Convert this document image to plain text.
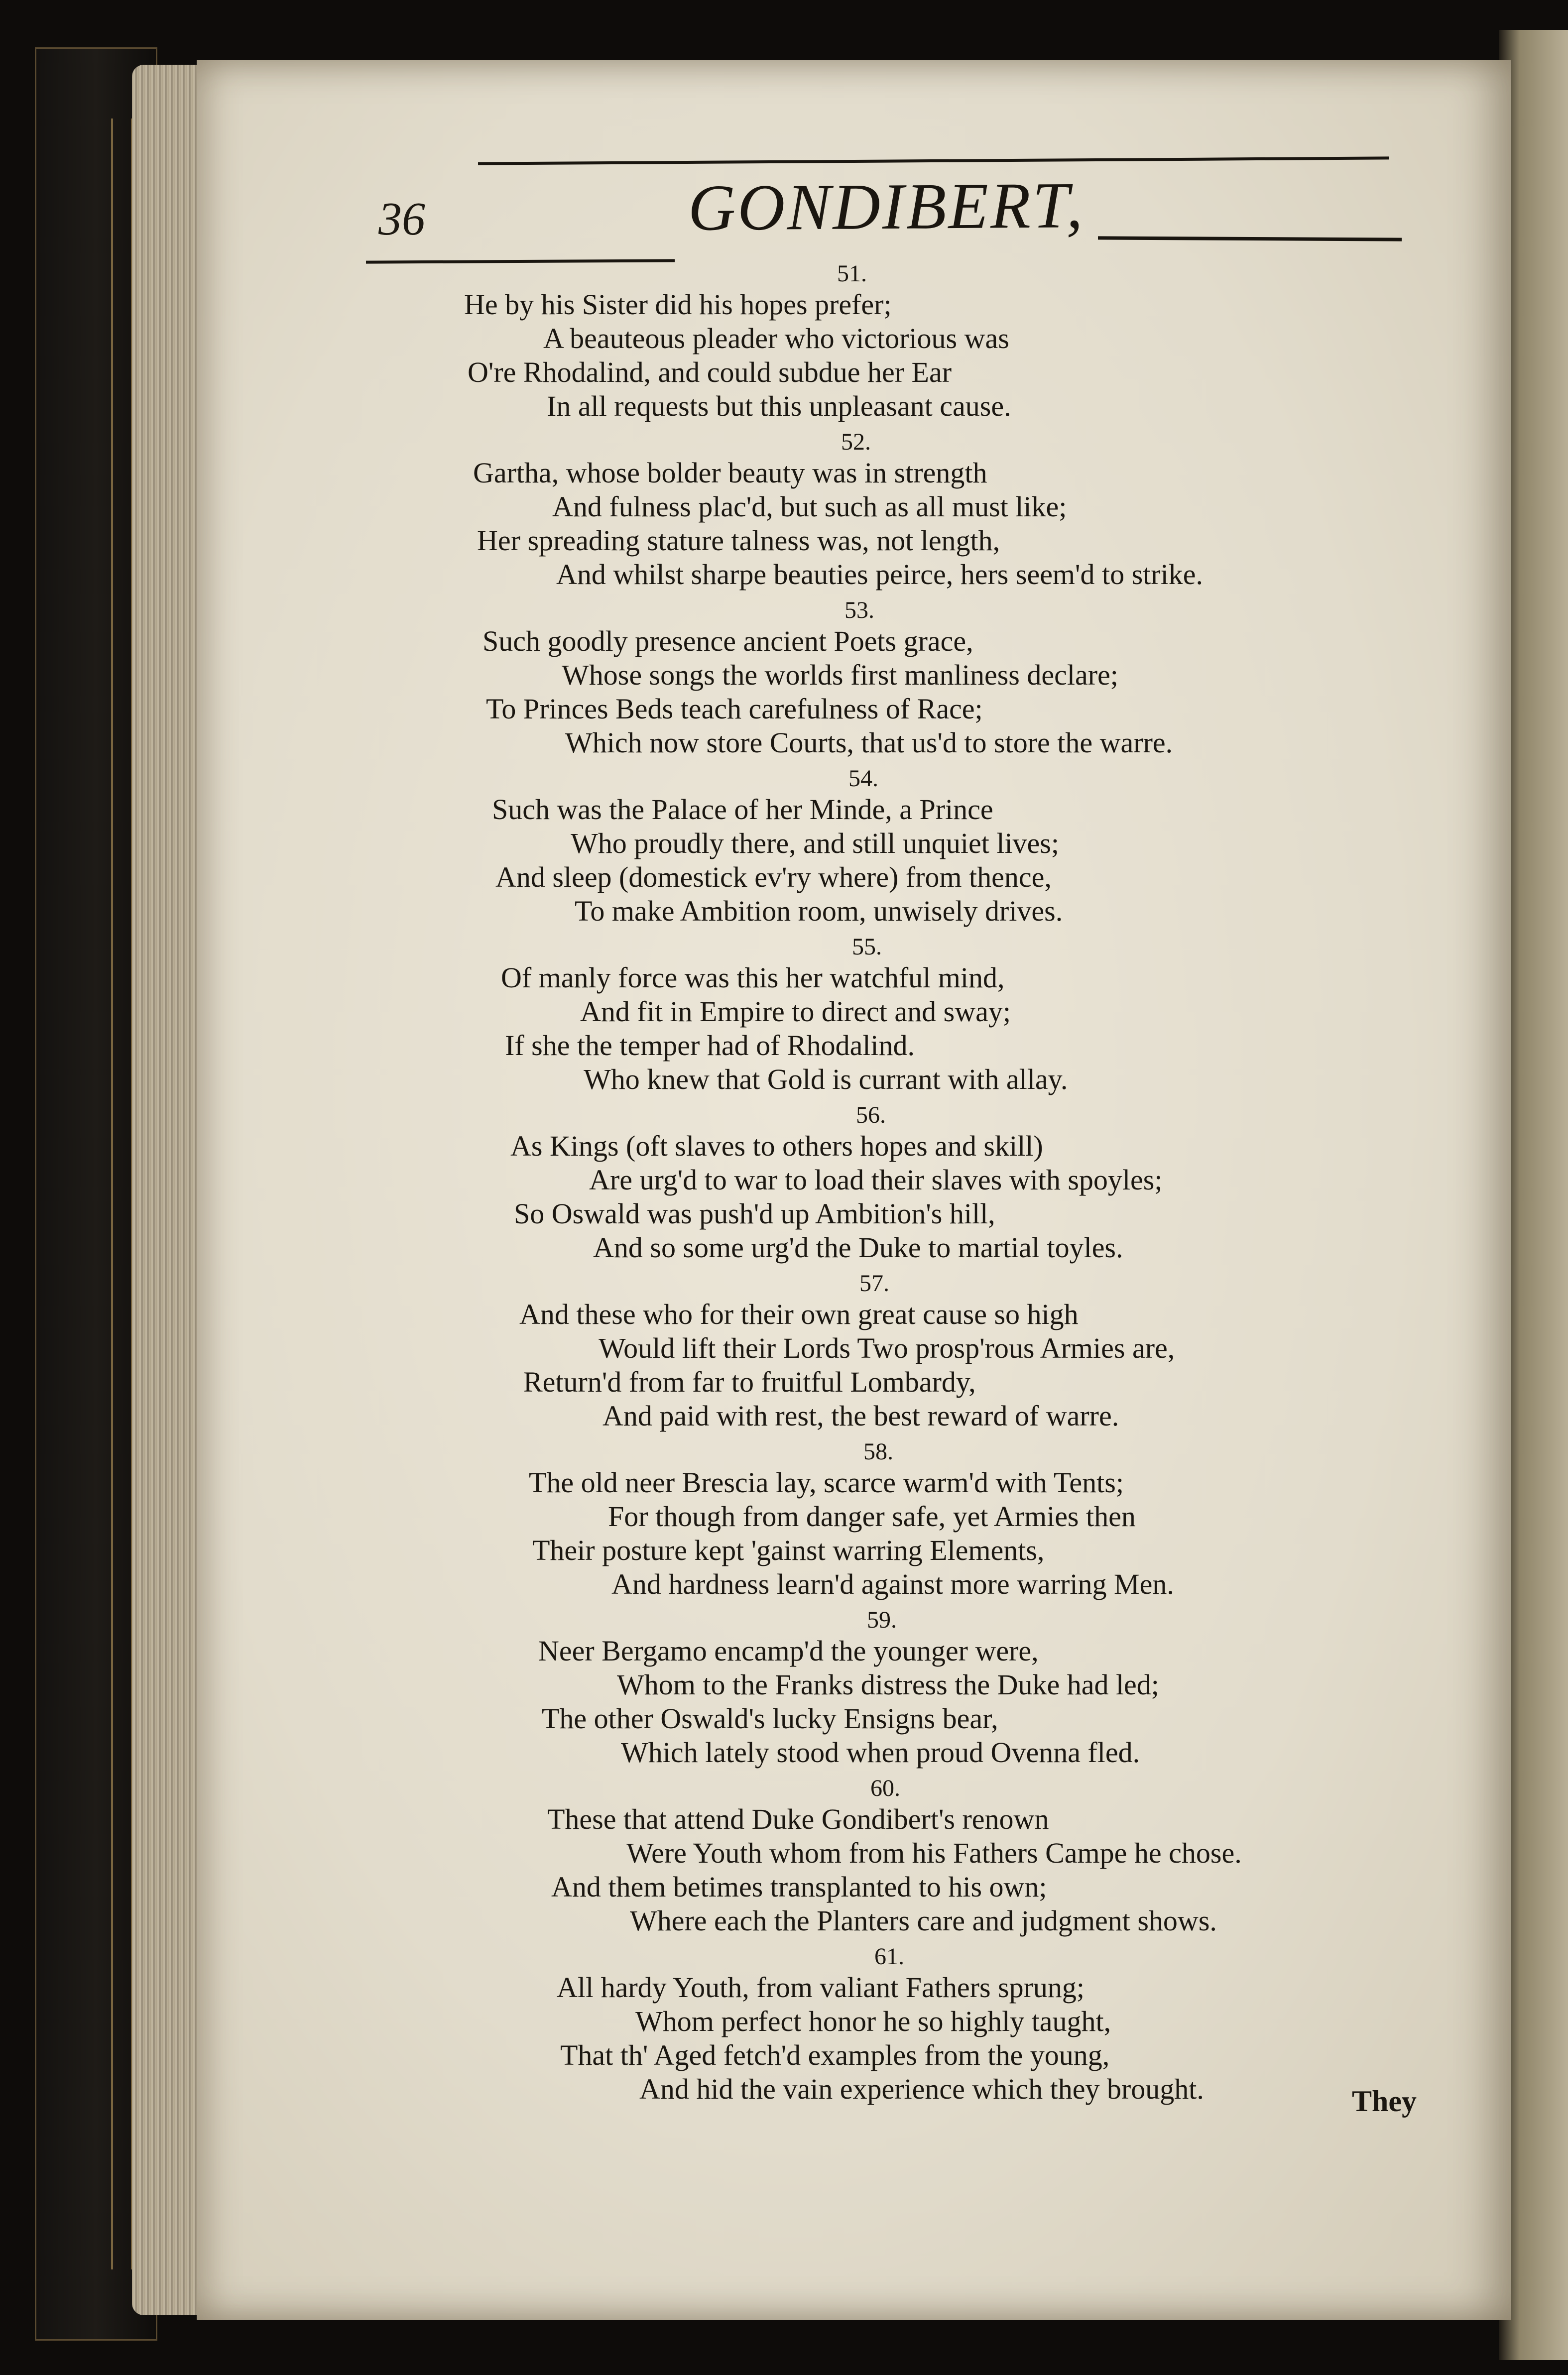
36	GONDIBERT,
51.
He by his Sister did his hopes prefer;
A beauteous pleader who victorious was
O're Rhodalind, and could subdue her Ear
In all requests but this unpleasant cause.
52.
Gartha, whose bolder beauty was in strength
And fulness plac'd, but such as all must like;
Her spreading stature talness was, not length,
And whilst sharpe beauties peirce, hers seem'd to strike.
53.
Such goodly presence ancient Poets grace,
Whose songs the worlds first manliness declare;
To Princes Beds teach carefulness of Race;
Which now store Courts, that us'd to store the warre.
54.
Such was the Palace of her Minde, a Prince
Who proudly there, and still unquiet lives;
And sleep (domestick ev'ry where) from thence,
To make Ambition room, unwisely drives.
55.
Of manly force was this her watchful mind,
And fit in Empire to direct and sway;
If she the temper had of Rhodalind.
Who knew that Gold is currant with allay.
56.
As Kings (oft slaves to others hopes and skill)
Are urg'd to war to load their slaves with spoyles;
So Oswald was push'd up Ambition's hill,
And so some urg'd the Duke to martial toyles.
57.
And these who for their own great cause so high
Would lift their Lords Two prosp'rous Armies are,
Return'd from far to fruitful Lombardy,
And paid with rest, the best reward of warre.
58.
The old neer Brescia lay, scarce warm'd with Tents;
For though from danger safe, yet Armies then
Their posture kept 'gainst warring Elements,
And hardness learn'd against more warring Men.
59.
Neer Bergamo encamp'd the younger were,
Whom to the Franks distress the Duke had led;
The other Oswald's lucky Ensigns bear,
Which lately stood when proud Ovenna fled.
60.
These that attend Duke Gondibert's renown
Were Youth whom from his Fathers Campe he chose.
And them betimes transplanted to his own;
Where each the Planters care and judgment shows.
61.
All hardy Youth, from valiant Fathers sprung;
Whom perfect honor he so highly taught,
That th' Aged fetch'd examples from the young,
And hid the vain experience which they brought.	They
